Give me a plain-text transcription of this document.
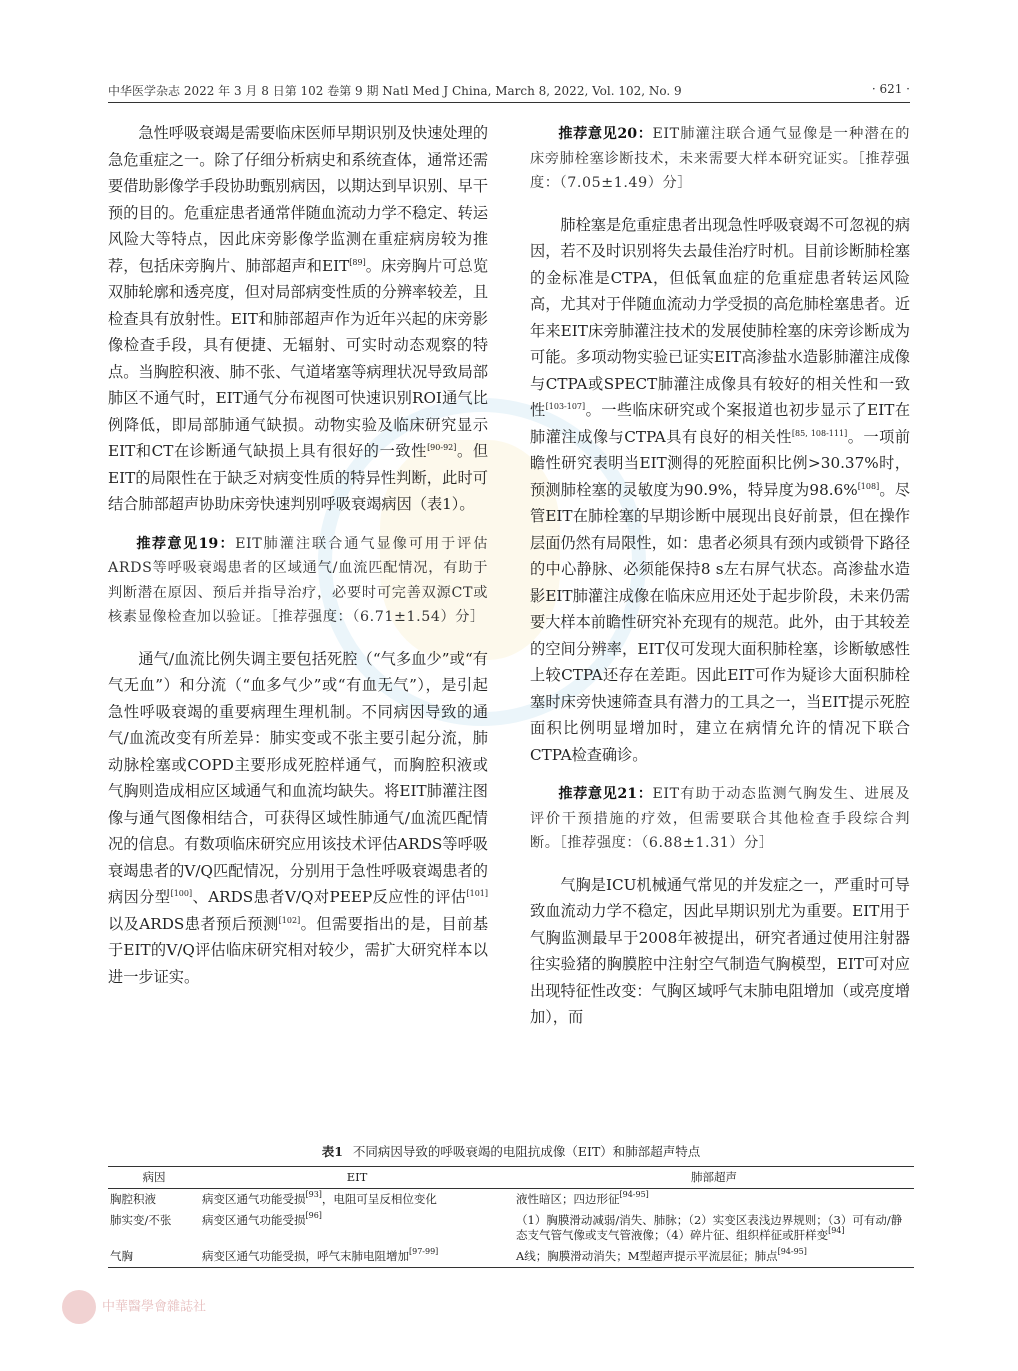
中华医学杂志 2022 年 3 月 8 日第 102 卷第 9 期 Natl Med J China, March 8, 2022, Vol. 102, No. 9	· 621 ·

急性呼吸衰竭是需要临床医师早期识别及快速处理的急危重症之一。除了仔细分析病史和系统查体，通常还需要借助影像学手段协助甄别病因，以期达到早识别、早干预的目的。危重症患者通常伴随血流动力学不稳定、转运风险大等特点，因此床旁影像学监测在重症病房较为推荐，包括床旁胸片、肺部超声和EIT[89]。床旁胸片可总览双肺轮廓和透亮度，但对局部病变性质的分辨率较差，且检查具有放射性。EIT和肺部超声作为近年兴起的床旁影像检查手段，具有便捷、无辐射、可实时动态观察的特点。当胸腔积液、肺不张、气道堵塞等病理状况导致局部肺区不通气时，EIT通气分布视图可快速识别ROI通气比例降低，即局部肺通气缺损。动物实验及临床研究显示EIT和CT在诊断通气缺损上具有很好的一致性[90-92]。但EIT的局限性在于缺乏对病变性质的特异性判断，此时可结合肺部超声协助床旁快速判别呼吸衰竭病因（表1）。

推荐意见19：EIT肺灌注联合通气显像可用于评估ARDS等呼吸衰竭患者的区域通气/血流匹配情况，有助于判断潜在原因、预后并指导治疗，必要时可完善双源CT或核素显像检查加以验证。［推荐强度：（6.71±1.54）分］

通气/血流比例失调主要包括死腔（“气多血少”或“有气无血”）和分流（“血多气少”或“有血无气”），是引起急性呼吸衰竭的重要病理生理机制。不同病因导致的通气/血流改变有所差异：肺实变或不张主要引起分流，肺动脉栓塞或COPD主要形成死腔样通气，而胸腔积液或气胸则造成相应区域通气和血流均缺失。将EIT肺灌注图像与通气图像相结合，可获得区域性肺通气/血流匹配情况的信息。有数项临床研究应用该技术评估ARDS等呼吸衰竭患者的V/Q匹配情况，分别用于急性呼吸衰竭患者的病因分型[100]、ARDS患者V/Q对PEEP反应性的评估[101]以及ARDS患者预后预测[102]。但需要指出的是，目前基于EIT的V/Q评估临床研究相对较少，需扩大研究样本以进一步证实。

推荐意见20：EIT肺灌注联合通气显像是一种潜在的床旁肺栓塞诊断技术，未来需要大样本研究证实。［推荐强度：（7.05±1.49）分］

肺栓塞是危重症患者出现急性呼吸衰竭不可忽视的病因，若不及时识别将失去最佳治疗时机。目前诊断肺栓塞的金标准是CTPA，但低氧血症的危重症患者转运风险高，尤其对于伴随血流动力学受损的高危肺栓塞患者。近年来EIT床旁肺灌注技术的发展使肺栓塞的床旁诊断成为可能。多项动物实验已证实EIT高渗盐水造影肺灌注成像与CTPA或SPECT肺灌注成像具有较好的相关性和一致性[103-107]。一些临床研究或个案报道也初步显示了EIT在肺灌注成像与CTPA具有良好的相关性[85, 108-111]。一项前瞻性研究表明当EIT测得的死腔面积比例>30.37%时，预测肺栓塞的灵敏度为90.9%，特异度为98.6%[108]。尽管EIT在肺栓塞的早期诊断中展现出良好前景，但在操作层面仍然有局限性，如：患者必须具有颈内或锁骨下路径的中心静脉、必须能保持8 s左右屏气状态。高渗盐水造影EIT肺灌注成像在临床应用还处于起步阶段，未来仍需要大样本前瞻性研究补充现有的规范。此外，由于其较差的空间分辨率，EIT仅可发现大面积肺栓塞，诊断敏感性上较CTPA还存在差距。因此EIT可作为疑诊大面积肺栓塞时床旁快速筛查具有潜力的工具之一，当EIT提示死腔面积比例明显增加时，建立在病情允许的情况下联合CTPA检查确诊。

推荐意见21：EIT有助于动态监测气胸发生、进展及评价干预措施的疗效，但需要联合其他检查手段综合判断。［推荐强度：（6.88±1.31）分］

气胸是ICU机械通气常见的并发症之一，严重时可导致血流动力学不稳定，因此早期识别尤为重要。EIT用于气胸监测最早于2008年被提出，研究者通过使用注射器往实验猪的胸膜腔中注射空气制造气胸模型，EIT可对应出现特征性改变：气胸区域呼气末肺电阻增加（或亮度增加），而

表1 不同病因导致的呼吸衰竭的电阻抗成像（EIT）和肺部超声特点
病因	EIT	肺部超声
胸腔积液	病变区通气功能受损[93]，电阻可呈反相位变化	液性暗区；四边形征[94-95]
肺实变/不张	病变区通气功能受损[96]	（1）胸膜滑动减弱/消失、肺脉；（2）实变区表浅边界规则；（3）可有动/静态支气管气像或支气管液像；（4）碎片征、组织样征或肝样变[94]
气胸	病变区通气功能受损，呼气末肺电阻增加[97-99]	A线；胸膜滑动消失；M型超声提示平流层征；肺点[94-95]
中華醫學會雜誌社
